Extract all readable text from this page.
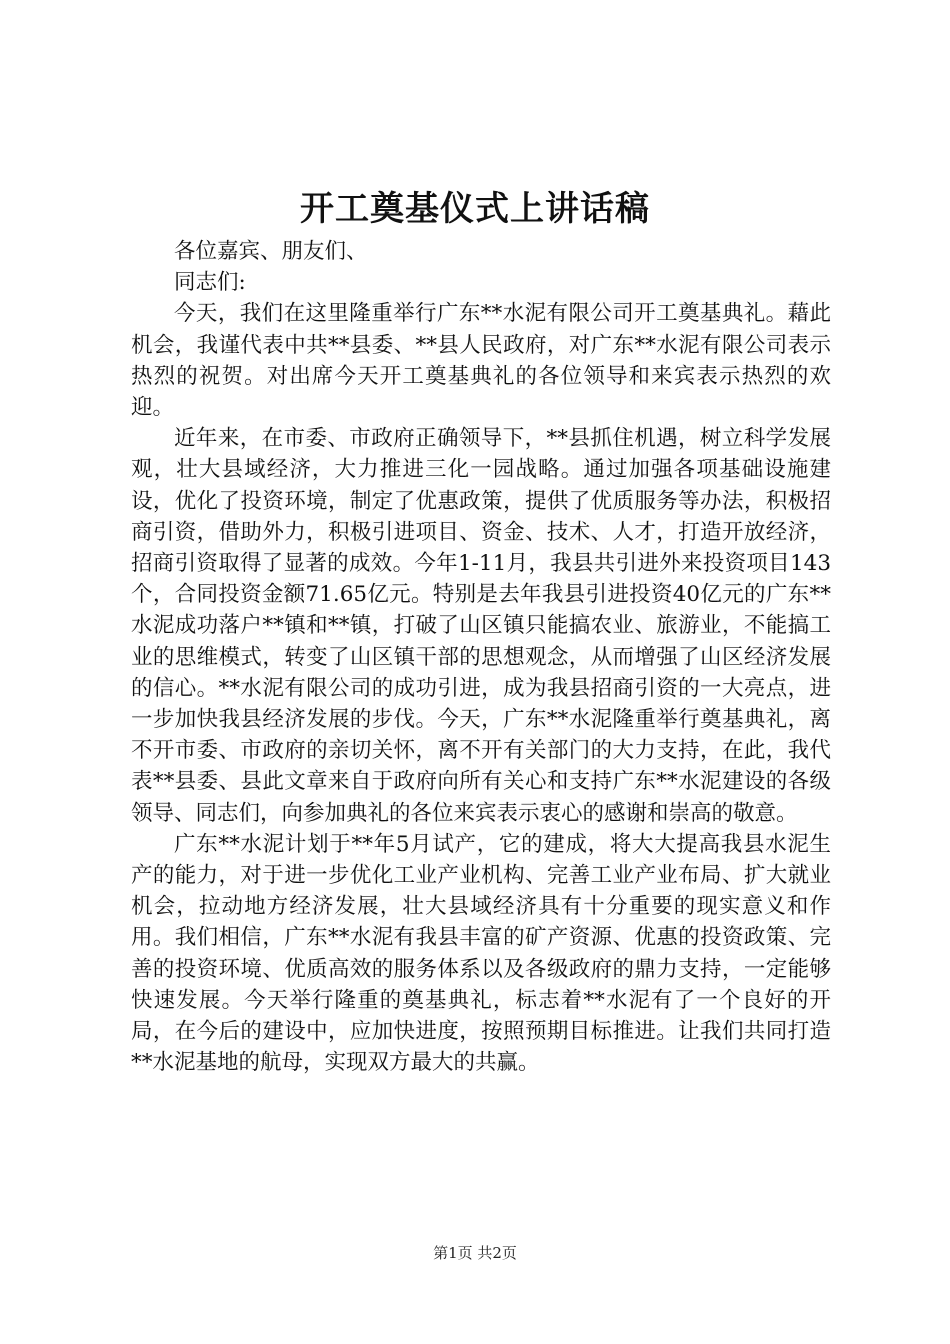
开工奠基仪式上讲话稿

各位嘉宾、朋友们、

同志们:

今天，我们在这里隆重举行广东**水泥有限公司开工奠基典礼。藉此机会，我谨代表中共**县委、**县人民政府，对广东**水泥有限公司表示热烈的祝贺。对出席今天开工奠基典礼的各位领导和来宾表示热烈的欢迎。

近年来，在市委、市政府正确领导下，**县抓住机遇，树立科学发展观，壮大县域经济，大力推进三化一园战略。通过加强各项基础设施建设，优化了投资环境，制定了优惠政策，提供了优质服务等办法，积极招商引资，借助外力，积极引进项目、资金、技术、人才，打造开放经济，招商引资取得了显著的成效。今年1-11月，我县共引进外来投资项目143个，合同投资金额71.65亿元。特别是去年我县引进投资40亿元的广东**水泥成功落户**镇和**镇，打破了山区镇只能搞农业、旅游业，不能搞工业的思维模式，转变了山区镇干部的思想观念，从而增强了山区经济发展的信心。**水泥有限公司的成功引进，成为我县招商引资的一大亮点，进一步加快我县经济发展的步伐。今天，广东**水泥隆重举行奠基典礼，离不开市委、市政府的亲切关怀，离不开有关部门的大力支持，在此，我代表**县委、县此文章来自于政府向所有关心和支持广东**水泥建设的各级领导、同志们，向参加典礼的各位来宾表示衷心的感谢和崇高的敬意。

广东**水泥计划于**年5月试产，它的建成，将大大提高我县水泥生产的能力，对于进一步优化工业产业机构、完善工业产业布局、扩大就业机会，拉动地方经济发展，壮大县域经济具有十分重要的现实意义和作用。我们相信，广东**水泥有我县丰富的矿产资源、优惠的投资政策、完善的投资环境、优质高效的服务体系以及各级政府的鼎力支持，一定能够快速发展。今天举行隆重的奠基典礼，标志着**水泥有了一个良好的开局，在今后的建设中，应加快进度，按照预期目标推进。让我们共同打造**水泥基地的航母，实现双方最大的共赢。

第1页 共2页
